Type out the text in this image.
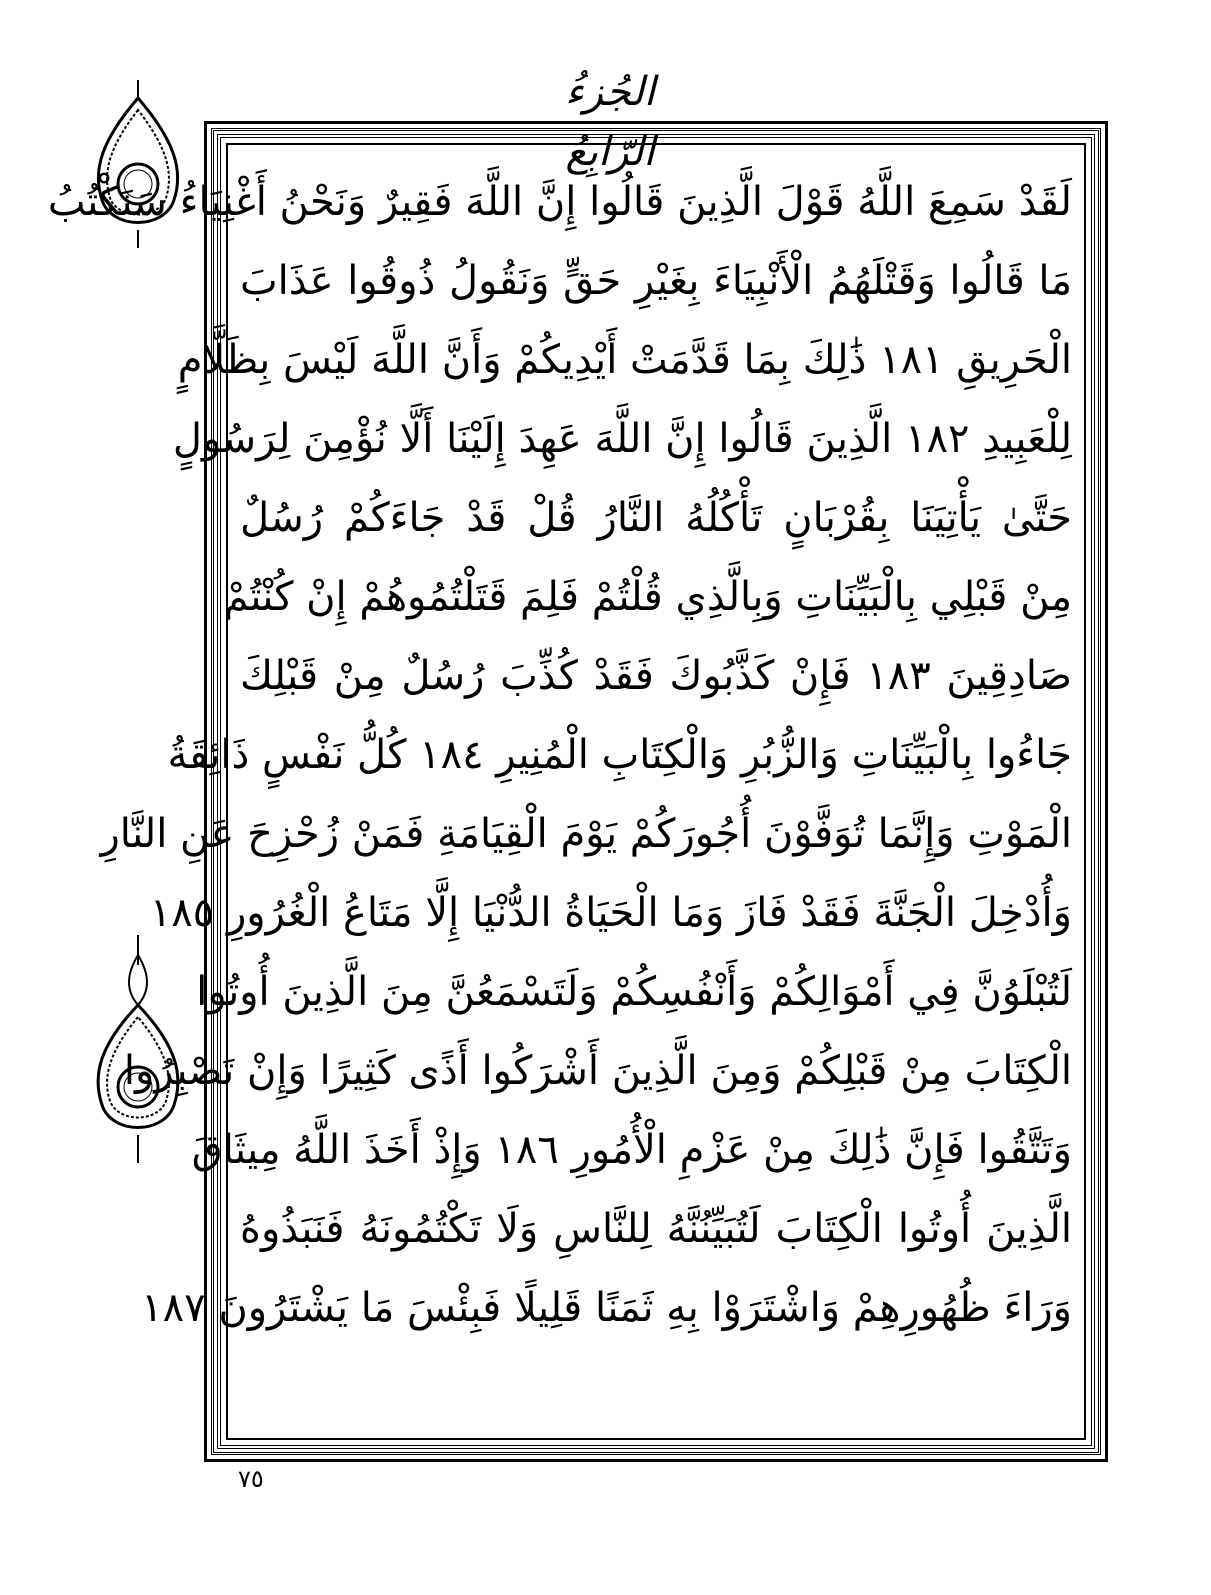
الجُزءُ الرّابِعُ
لَقَدْ سَمِعَ اللَّهُ قَوْلَ الَّذِينَ قَالُوا إِنَّ اللَّهَ فَقِيرٌ وَنَحْنُ أَغْنِيَاءُ سَنَكْتُبُ
مَا قَالُوا وَقَتْلَهُمُ الْأَنْبِيَاءَ بِغَيْرِ حَقٍّ وَنَقُولُ ذُوقُوا عَذَابَ
الْحَرِيقِ ١٨١ ذَٰلِكَ بِمَا قَدَّمَتْ أَيْدِيكُمْ وَأَنَّ اللَّهَ لَيْسَ بِظَلَّامٍ
لِلْعَبِيدِ ١٨٢ الَّذِينَ قَالُوا إِنَّ اللَّهَ عَهِدَ إِلَيْنَا أَلَّا نُؤْمِنَ لِرَسُولٍ
حَتَّىٰ يَأْتِيَنَا بِقُرْبَانٍ تَأْكُلُهُ النَّارُ قُلْ قَدْ جَاءَكُمْ رُسُلٌ
مِنْ قَبْلِي بِالْبَيِّنَاتِ وَبِالَّذِي قُلْتُمْ فَلِمَ قَتَلْتُمُوهُمْ إِنْ كُنْتُمْ
صَادِقِينَ ١٨٣ فَإِنْ كَذَّبُوكَ فَقَدْ كُذِّبَ رُسُلٌ مِنْ قَبْلِكَ
جَاءُوا بِالْبَيِّنَاتِ وَالزُّبُرِ وَالْكِتَابِ الْمُنِيرِ ١٨٤ كُلُّ نَفْسٍ ذَائِقَةُ
الْمَوْتِ وَإِنَّمَا تُوَفَّوْنَ أُجُورَكُمْ يَوْمَ الْقِيَامَةِ فَمَنْ زُحْزِحَ عَنِ النَّارِ
وَأُدْخِلَ الْجَنَّةَ فَقَدْ فَازَ وَمَا الْحَيَاةُ الدُّنْيَا إِلَّا مَتَاعُ الْغُرُورِ ١٨٥
لَتُبْلَوُنَّ فِي أَمْوَالِكُمْ وَأَنْفُسِكُمْ وَلَتَسْمَعُنَّ مِنَ الَّذِينَ أُوتُوا
الْكِتَابَ مِنْ قَبْلِكُمْ وَمِنَ الَّذِينَ أَشْرَكُوا أَذًى كَثِيرًا وَإِنْ تَصْبِرُوا
وَتَتَّقُوا فَإِنَّ ذَٰلِكَ مِنْ عَزْمِ الْأُمُورِ ١٨٦ وَإِذْ أَخَذَ اللَّهُ مِيثَاقَ
الَّذِينَ أُوتُوا الْكِتَابَ لَتُبَيِّنُنَّهُ لِلنَّاسِ وَلَا تَكْتُمُونَهُ فَنَبَذُوهُ
وَرَاءَ ظُهُورِهِمْ وَاشْتَرَوْا بِهِ ثَمَنًا قَلِيلًا فَبِئْسَ مَا يَشْتَرُونَ ١٨٧
٧٥
